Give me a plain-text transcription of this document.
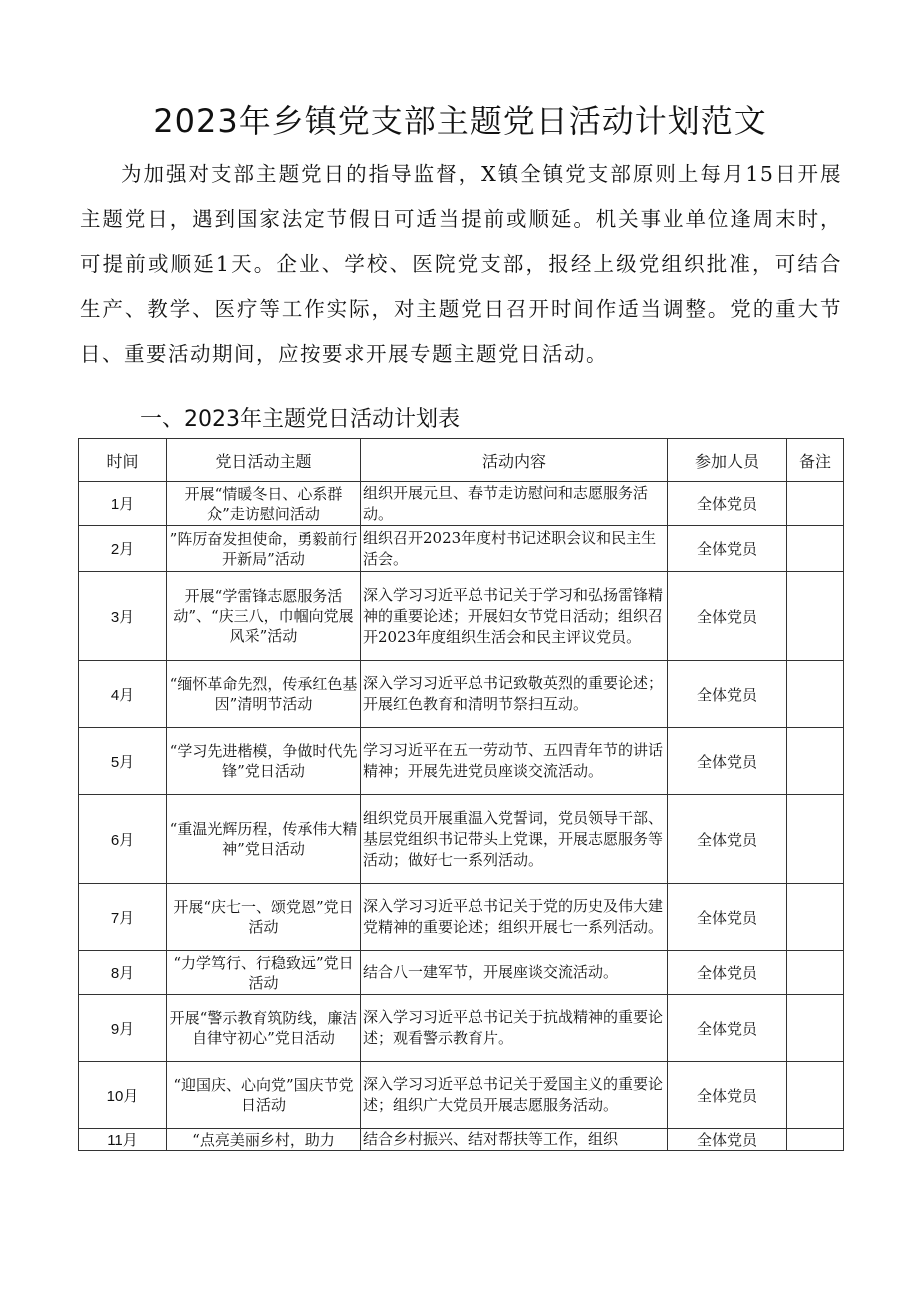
2023年乡镇党支部主题党日活动计划范文

为加强对支部主题党日的指导监督，X镇全镇党支部原则上每月15日开展主题党日，遇到国家法定节假日可适当提前或顺延。机关事业单位逢周末时，可提前或顺延1天。企业、学校、医院党支部，报经上级党组织批准，可结合生产、教学、医疗等工作实际，对主题党日召开时间作适当调整。党的重大节日、重要活动期间，应按要求开展专题主题党日活动。

一、2023年主题党日活动计划表
时间	党日活动主题	活动内容	参加人员	备注
1月	开展“情暖冬日、心系群众”走访慰问活动	组织开展元旦、春节走访慰问和志愿服务活动。	全体党员	
2月	”阵厉奋发担使命，勇毅前行开新局”活动	组织召开2023年度村书记述职会议和民主生活会。	全体党员	
3月	开展“学雷锋志愿服务活动”、“庆三八，巾帼向党展风采”活动	深入学习习近平总书记关于学习和弘扬雷锋精神的重要论述；开展妇女节党日活动；组织召开2023年度组织生活会和民主评议党员。	全体党员	
4月	“缅怀革命先烈，传承红色基因”清明节活动	深入学习习近平总书记致敬英烈的重要论述；开展红色教育和清明节祭扫互动。	全体党员	
5月	“学习先进楷模，争做时代先锋”党日活动	学习习近平在五一劳动节、五四青年节的讲话精神；开展先进党员座谈交流活动。	全体党员	
6月	“重温光辉历程，传承伟大精神”党日活动	组织党员开展重温入党誓词，党员领导干部、基层党组织书记带头上党课，开展志愿服务等活动；做好七一系列活动。	全体党员	
7月	开展“庆七一、颂党恩”党日活动	深入学习习近平总书记关于党的历史及伟大建党精神的重要论述；组织开展七一系列活动。	全体党员	
8月	“力学笃行、行稳致远”党日活动	结合八一建军节，开展座谈交流活动。	全体党员	
9月	开展“警示教育筑防线，廉洁自律守初心”党日活动	深入学习习近平总书记关于抗战精神的重要论述；观看警示教育片。	全体党员	
10月	“迎国庆、心向党”国庆节党日活动	深入学习习近平总书记关于爱国主义的重要论述；组织广大党员开展志愿服务活动。	全体党员	
11月	“点亮美丽乡村，助力	结合乡村振兴、结对帮扶等工作，组织	全体党员	
